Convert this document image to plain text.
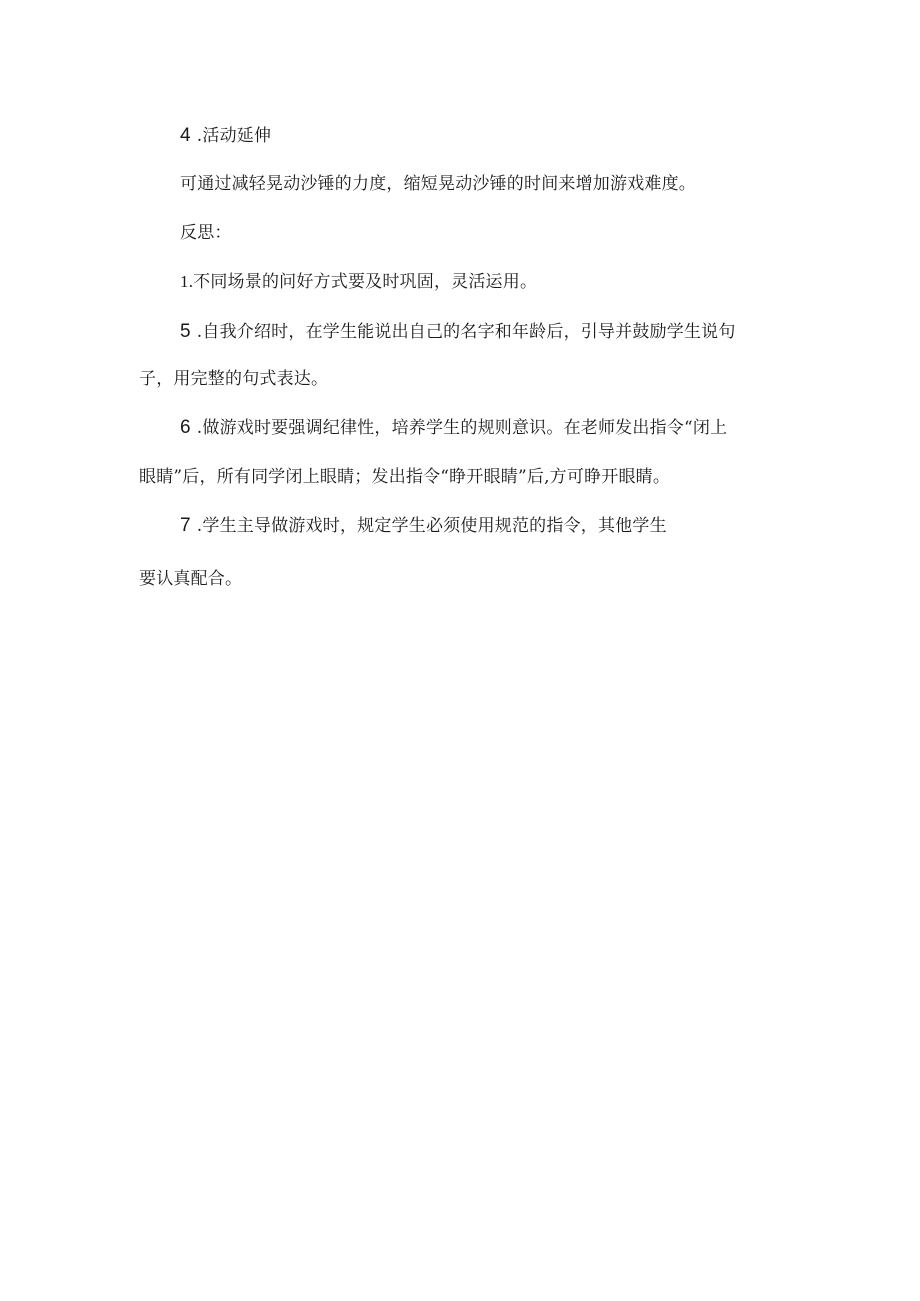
4 .活动延伸
可通过减轻晃动沙锤的力度，缩短晃动沙锤的时间来增加游戏难度。
反思：
1.不同场景的问好方式要及时巩固，灵活运用。
5 .自我介绍时，在学生能说出自己的名字和年龄后，引导并鼓励学生说句
子，用完整的句式表达。
6 .做游戏时要强调纪律性，培养学生的规则意识。在老师发出指令“闭上
眼睛”后，所有同学闭上眼睛；发出指令“睁开眼睛”后,方可睁开眼睛。
7 .学生主导做游戏时，规定学生必须使用规范的指令，其他学生
要认真配合。
